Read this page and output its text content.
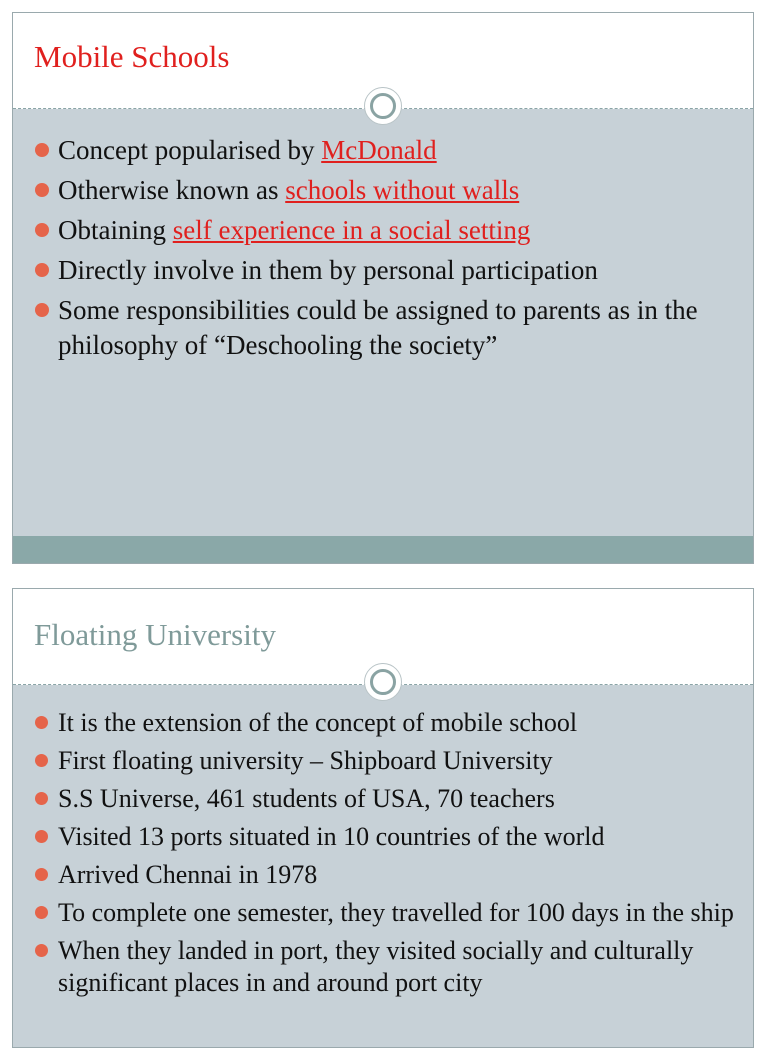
Mobile Schools
Concept popularised by McDonald
Otherwise known as schools without walls
Obtaining self experience in a social setting
Directly involve in them by personal participation
Some responsibilities could be assigned to parents as in the philosophy of “Deschooling the society”
Floating University
It is the extension of the concept of mobile school
First floating university – Shipboard University
S.S Universe, 461 students of USA, 70 teachers
Visited 13 ports situated in 10 countries of the world
Arrived Chennai in 1978
To complete one semester, they travelled for 100 days in the ship
When they landed in port, they visited socially and culturally significant places in and around port city
